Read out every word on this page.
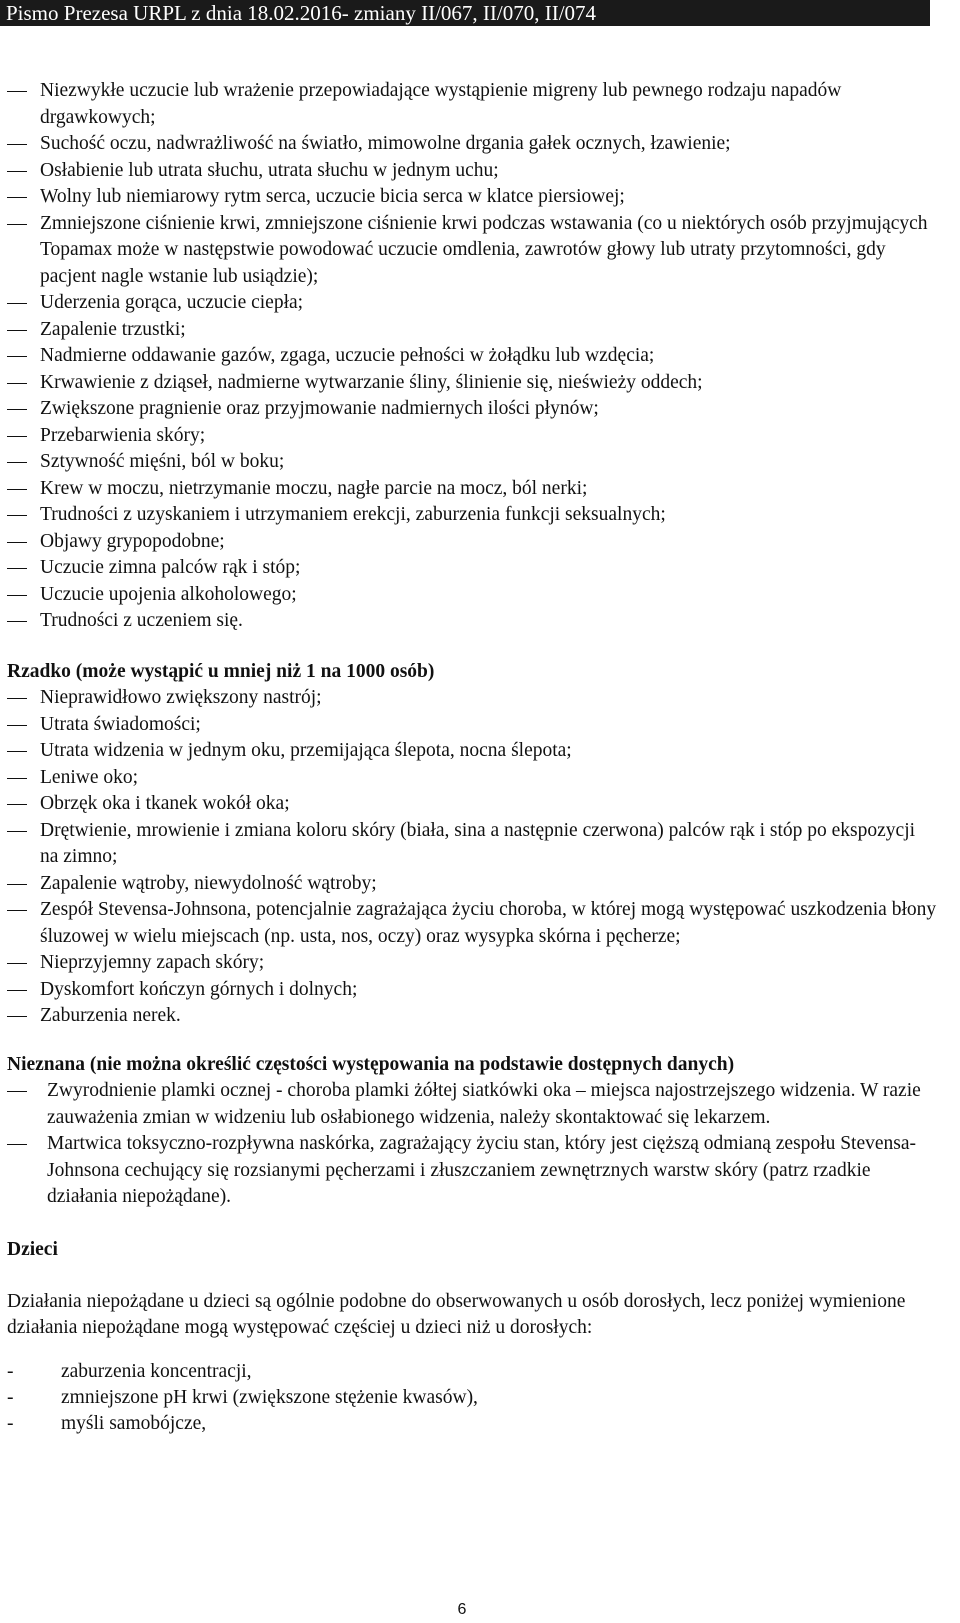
Pismo Prezesa URPL z dnia 18.02.2016- zmiany II/067, II/070, II/074
Niezwykłe uczucie lub wrażenie przepowiadające wystąpienie migreny lub pewnego rodzaju napadów drgawkowych;
Suchość oczu, nadwrażliwość na światło, mimowolne drgania gałek ocznych, łzawienie;
Osłabienie lub utrata słuchu, utrata słuchu w jednym uchu;
Wolny lub niemiarowy rytm serca, uczucie bicia serca w klatce piersiowej;
Zmniejszone ciśnienie krwi, zmniejszone ciśnienie krwi podczas wstawania (co u niektórych osób przyjmujących Topamax może w następstwie powodować uczucie omdlenia, zawrotów głowy lub utraty przytomności, gdy pacjent nagle wstanie lub usiądzie);
Uderzenia gorąca, uczucie ciepła;
Zapalenie trzustki;
Nadmierne oddawanie gazów, zgaga, uczucie pełności w żołądku lub wzdęcia;
Krwawienie z dziąseł, nadmierne wytwarzanie śliny, ślinienie się, nieświeży oddech;
Zwiększone pragnienie oraz przyjmowanie nadmiernych ilości płynów;
Przebarwienia skóry;
Sztywność mięśni, ból w boku;
Krew w moczu, nietrzymanie moczu, nagłe parcie na mocz, ból nerki;
Trudności z uzyskaniem i utrzymaniem erekcji, zaburzenia funkcji seksualnych;
Objawy grypopodobne;
Uczucie zimna palców rąk i stóp;
Uczucie upojenia alkoholowego;
Trudności z uczeniem się.

Rzadko (może wystąpić u mniej niż 1 na 1000 osób)

Nieprawidłowo zwiększony nastrój;
Utrata świadomości;
Utrata widzenia w jednym oku, przemijająca ślepota, nocna ślepota;
Leniwe oko;
Obrzęk oka i tkanek wokół oka;
Drętwienie, mrowienie i zmiana koloru skóry (biała, sina a następnie czerwona) palców rąk i stóp po ekspozycji na zimno;
Zapalenie wątroby, niewydolność wątroby;
Zespół Stevensa-Johnsona, potencjalnie zagrażająca życiu choroba, w której mogą występować uszkodzenia błony śluzowej w wielu miejscach (np. usta, nos, oczy) oraz wysypka skórna i pęcherze;
Nieprzyjemny zapach skóry;
Dyskomfort kończyn górnych i dolnych;
Zaburzenia nerek.

Nieznana (nie można określić częstości występowania na podstawie dostępnych danych)

Zwyrodnienie plamki ocznej - choroba plamki żółtej siatkówki oka – miejsca najostrzejszego widzenia. W razie zauważenia zmian w widzeniu lub osłabionego widzenia, należy skontaktować się lekarzem.
Martwica toksyczno-rozpływna naskórka, zagrażający życiu stan, który jest cięższą odmianą zespołu Stevensa-Johnsona cechujący się rozsianymi pęcherzami i złuszczaniem zewnętrznych warstw skóry (patrz rzadkie działania niepożądane).

Dzieci

Działania niepożądane u dzieci są ogólnie podobne do obserwowanych u osób dorosłych, lecz poniżej wymienione działania niepożądane mogą występować częściej u dzieci niż u dorosłych:

- zaburzenia koncentracji,
- zmniejszone pH krwi (zwiększone stężenie kwasów),
- myśli samobójcze,
6
